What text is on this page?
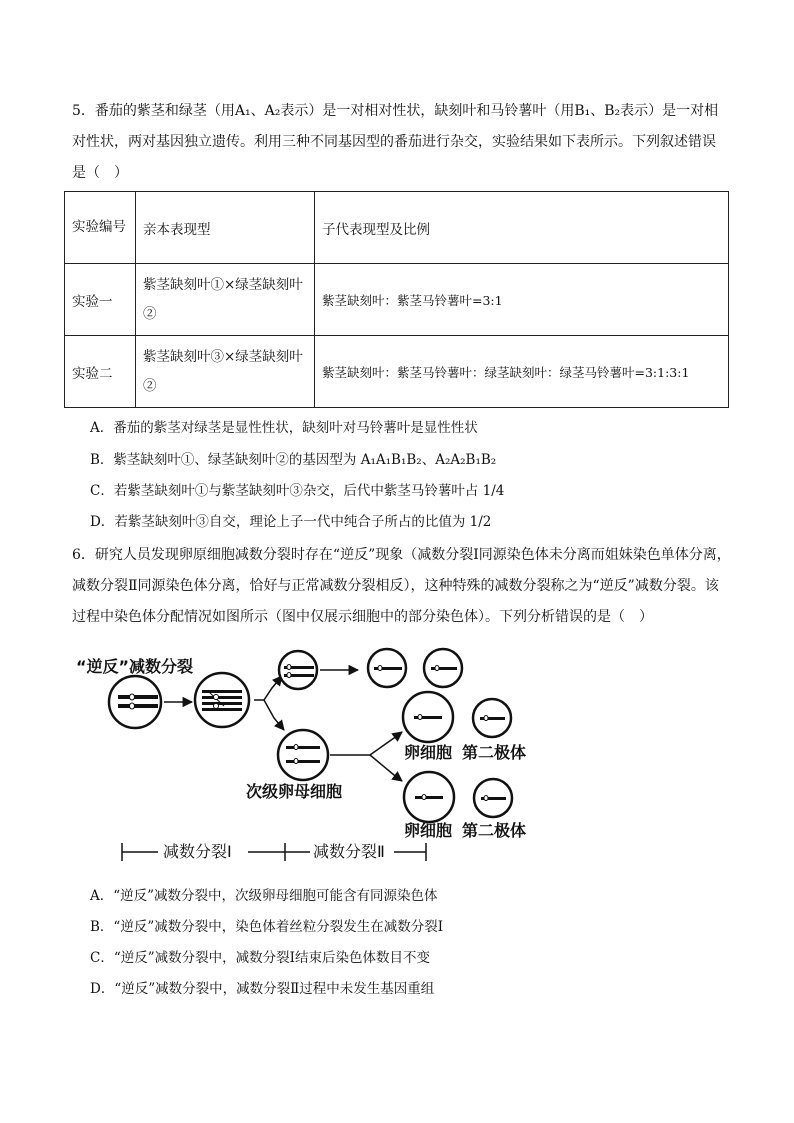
5．番茄的紫茎和绿茎（用A₁、A₂表示）是一对相对性状，缺刻叶和马铃薯叶（用B₁、B₂表示）是一对相
对性状，两对基因独立遗传。利用三种不同基因型的番茄进行杂交，实验结果如下表所示。下列叙述错误
是（　）
实验编号	亲本表现型	子代表现型及比例
实验一	紫茎缺刻叶①×绿茎缺刻叶②	紫茎缺刻叶：紫茎马铃薯叶=3:1
实验二	紫茎缺刻叶③×绿茎缺刻叶②	紫茎缺刻叶：紫茎马铃薯叶：绿茎缺刻叶：绿茎马铃薯叶=3:1:3:1
A．番茄的紫茎对绿茎是显性性状，缺刻叶对马铃薯叶是显性性状
B．紫茎缺刻叶①、绿茎缺刻叶②的基因型为 A₁A₁B₁B₂、A₂A₂B₁B₂
C．若紫茎缺刻叶①与紫茎缺刻叶③杂交，后代中紫茎马铃薯叶占 1/4
D．若紫茎缺刻叶③自交，理论上子一代中纯合子所占的比值为 1/2
6．研究人员发现卵原细胞减数分裂时存在“逆反”现象（减数分裂Ⅰ同源染色体未分离而姐妹染色单体分离，
减数分裂Ⅱ同源染色体分离，恰好与正常减数分裂相反），这种特殊的减数分裂称之为“逆反”减数分裂。该
过程中染色体分配情况如图所示（图中仅展示细胞中的部分染色体）。下列分析错误的是（　）
“逆反”减数分裂
次级卵母细胞
卵细胞 第二极体
卵细胞 第二极体
减数分裂Ⅰ	减数分裂Ⅱ
A．“逆反”减数分裂中，次级卵母细胞可能含有同源染色体
B．“逆反”减数分裂中，染色体着丝粒分裂发生在减数分裂Ⅰ
C．“逆反”减数分裂中，减数分裂Ⅰ结束后染色体数目不变
D．“逆反”减数分裂中，减数分裂Ⅱ过程中未发生基因重组
